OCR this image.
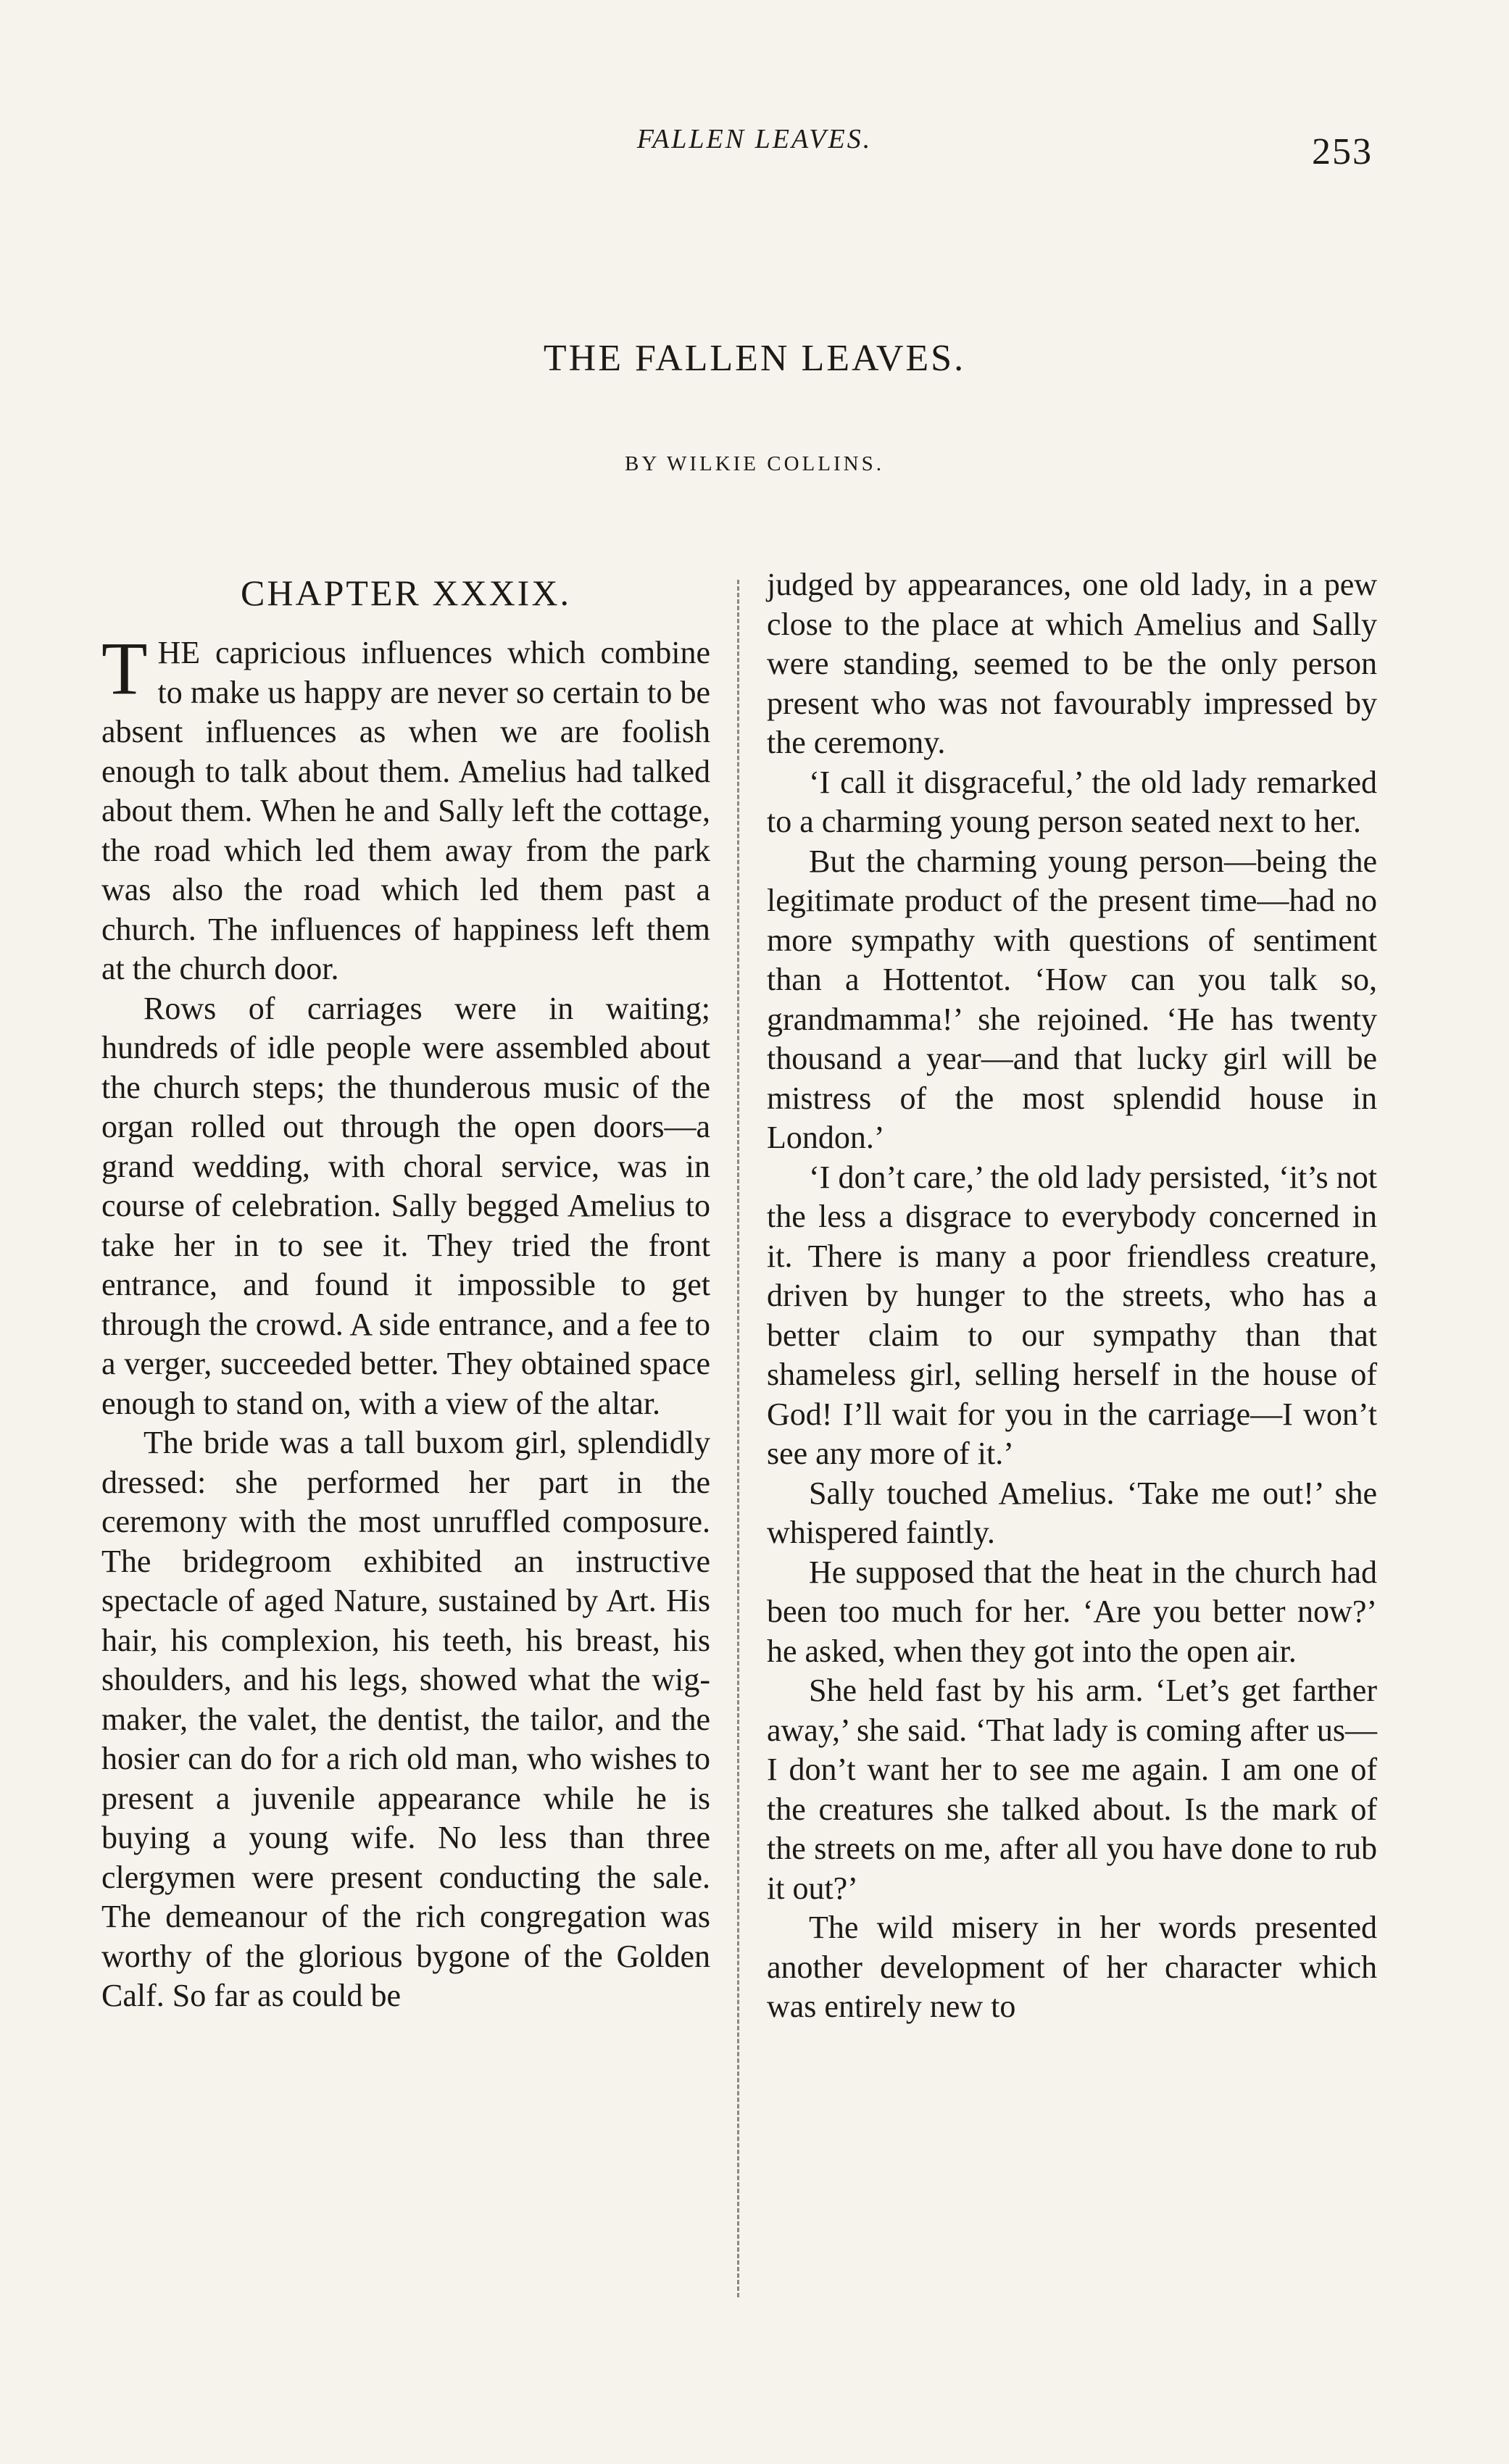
FALLEN LEAVES.	253
THE FALLEN LEAVES.
BY WILKIE COLLINS.
CHAPTER XXXIX.

THE capricious influences which combine to make us happy are never so certain to be absent influences as when we are foolish enough to talk about them. Amelius had talked about them. When he and Sally left the cottage, the road which led them away from the park was also the road which led them past a church. The influences of happiness left them at the church door.

Rows of carriages were in waiting; hundreds of idle people were assembled about the church steps; the thunderous music of the organ rolled out through the open doors—a grand wedding, with choral service, was in course of celebration. Sally begged Amelius to take her in to see it. They tried the front entrance, and found it impossible to get through the crowd. A side entrance, and a fee to a verger, succeeded better. They obtained space enough to stand on, with a view of the altar.

The bride was a tall buxom girl, splendidly dressed: she performed her part in the ceremony with the most unruffled composure. The bridegroom exhibited an instructive spectacle of aged Nature, sustained by Art. His hair, his complexion, his teeth, his breast, his shoulders, and his legs, showed what the wig-maker, the valet, the dentist, the tailor, and the hosier can do for a rich old man, who wishes to present a juvenile appearance while he is buying a young wife. No less than three clergymen were present conducting the sale. The demeanour of the rich congregation was worthy of the glorious bygone of the Golden Calf. So far as could be

judged by appearances, one old lady, in a pew close to the place at which Amelius and Sally were standing, seemed to be the only person present who was not favourably impressed by the ceremony.

‘I call it disgraceful,’ the old lady remarked to a charming young person seated next to her.

But the charming young person—being the legitimate product of the present time—had no more sympathy with questions of sentiment than a Hottentot. ‘How can you talk so, grandmamma!’ she rejoined. ‘He has twenty thousand a year—and that lucky girl will be mistress of the most splendid house in London.’

‘I don’t care,’ the old lady persisted, ‘it’s not the less a disgrace to everybody concerned in it. There is many a poor friendless creature, driven by hunger to the streets, who has a better claim to our sympathy than that shameless girl, selling herself in the house of God! I’ll wait for you in the carriage—I won’t see any more of it.’

Sally touched Amelius. ‘Take me out!’ she whispered faintly.

He supposed that the heat in the church had been too much for her. ‘Are you better now?’ he asked, when they got into the open air.

She held fast by his arm. ‘Let’s get farther away,’ she said. ‘That lady is coming after us—I don’t want her to see me again. I am one of the creatures she talked about. Is the mark of the streets on me, after all you have done to rub it out?’

The wild misery in her words presented another development of her character which was entirely new to
